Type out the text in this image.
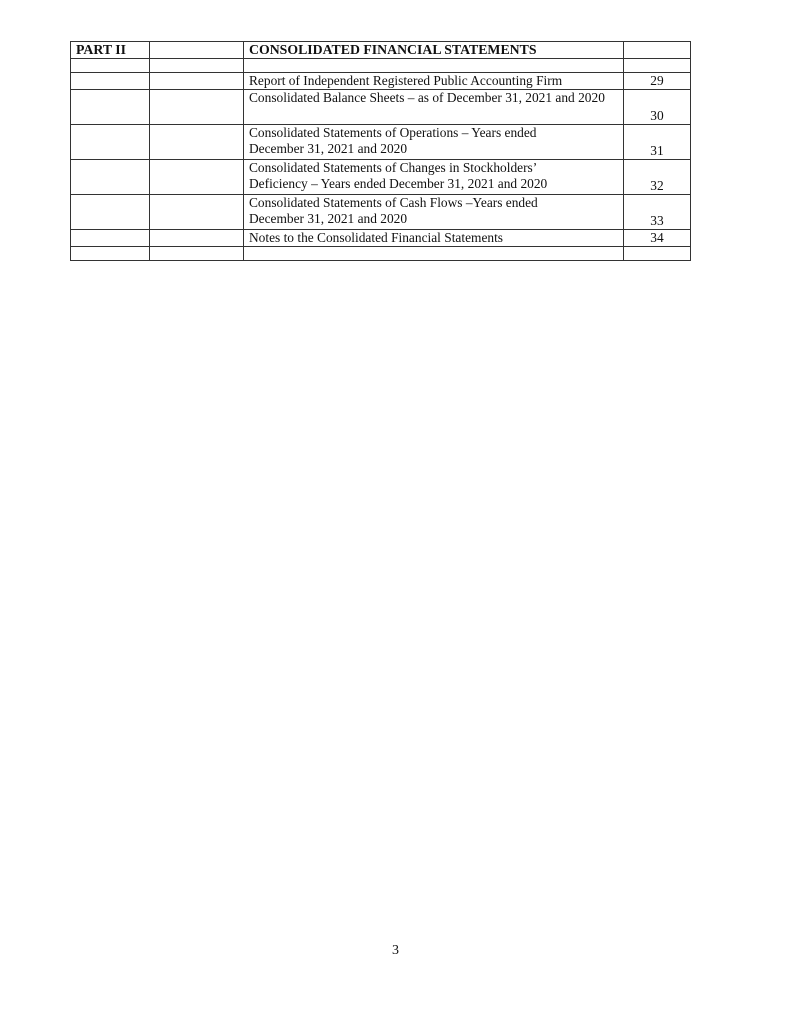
PART II		CONSOLIDATED FINANCIAL STATEMENTS	

		Report of Independent Registered Public Accounting Firm	29
		Consolidated Balance Sheets – as of December 31, 2021 and 2020	30
		Consolidated Statements of Operations – Years ended
December 31, 2021 and 2020	31
		Consolidated Statements of Changes in Stockholders’
Deficiency – Years ended December 31, 2021 and 2020	32
		Consolidated Statements of Cash Flows –Years ended
December 31, 2021 and 2020	33
		Notes to the Consolidated Financial Statements	34

3
